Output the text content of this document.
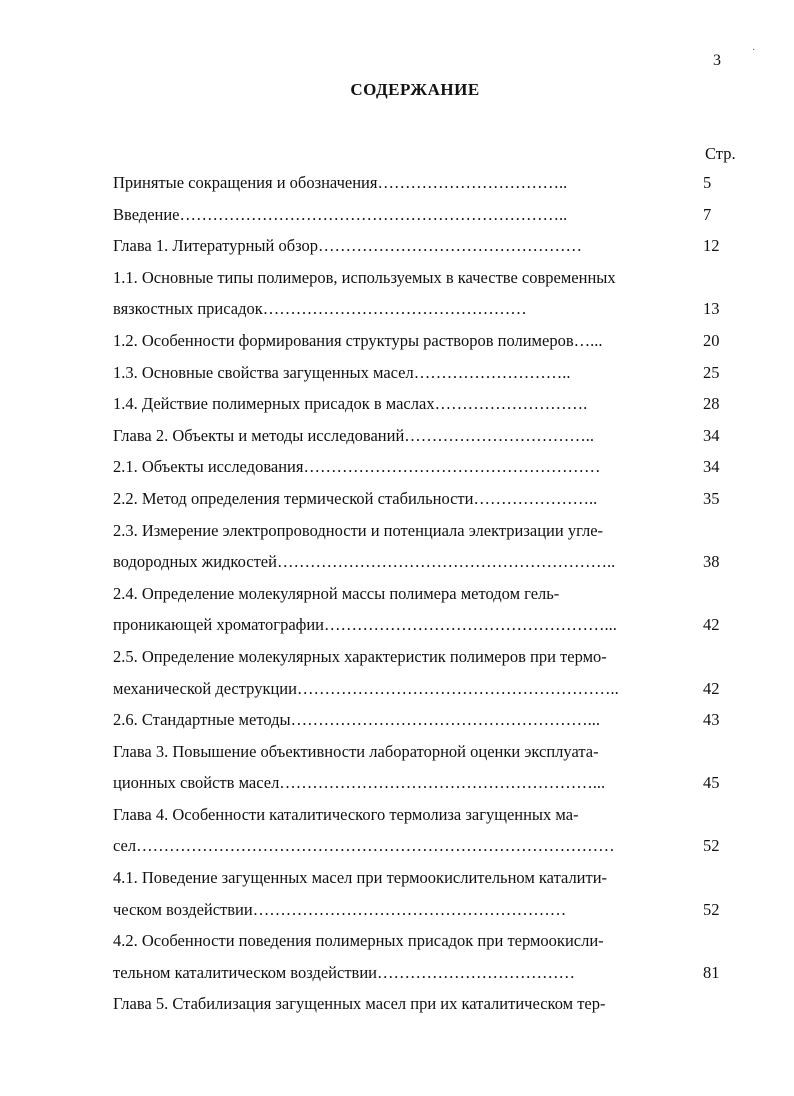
3
·
СОДЕРЖАНИЕ
Стр.
Принятые сокращения и обозначения……………………………..	5
Введение……………………………………………………………..	7
Глава 1. Литературный обзор…………………………………………	12
1.1. Основные типы полимеров, используемых в качестве современных
вязкостных присадок…………………………………………	13
1.2. Особенности формирования структуры растворов полимеров…...	20
1.3. Основные свойства загущенных масел………………………..	25
1.4. Действие полимерных присадок в маслах……………………….	28
Глава 2. Объекты и методы исследований……………………………..	34
2.1. Объекты исследования………………………………………………	34
2.2. Метод определения термической стабильности…………………..	35
2.3. Измерение электропроводности и потенциала электризации угле-
водородных жидкостей……………………………………………………..	38
2.4. Определение молекулярной массы полимера методом гель-
проникающей хроматографии……………………………………………...	42
2.5. Определение молекулярных характеристик полимеров при термо-
механической деструкции…………………………………………………..	42
2.6. Стандартные методы………………………………………………...	43
Глава 3. Повышение объективности лабораторной оценки эксплуата-
ционных свойств масел…………………………………………………...	45
Глава 4. Особенности каталитического термолиза загущенных ма-
сел……………………………………………………………………………	52
4.1. Поведение загущенных масел при термоокислительном каталити-
ческом воздействии…………………………………………………	52
4.2. Особенности поведения полимерных присадок при термоокисли-
тельном каталитическом воздействии………………………………	81
Глава 5. Стабилизация загущенных масел при их каталитическом тер-
